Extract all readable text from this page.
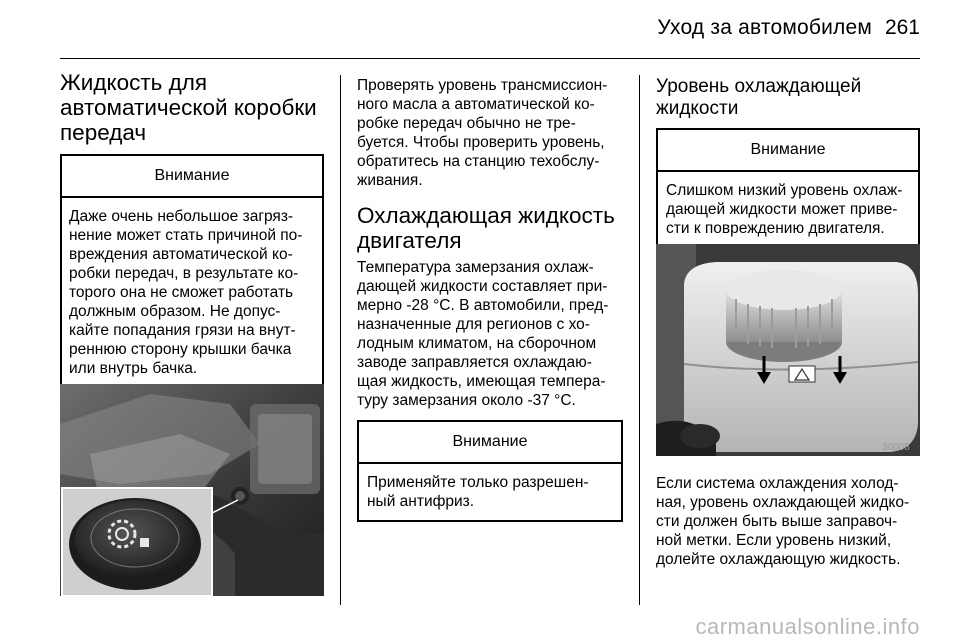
Уход за автомобилем 261
Жидкость для
автоматической коробки
передач
Внимание
Даже очень небольшое загряз-
нение может стать причиной по-
вреждения автоматической ко-
робки передач, в результате ко-
торого она не сможет работать
должным образом. Не допус-
кайте попадания грязи на внут-
реннюю сторону крышки бачка
или внутрь бачка.
Проверять уровень трансмиссион-
ного масла а автоматической ко-
робке передач обычно не тре-
буется. Чтобы проверить уровень,
обратитесь на станцию техобслу-
живания.
Охлаждающая жидкость
двигателя
Температура замерзания охлаж-
дающей жидкости составляет при-
мерно -28 °C. В автомобили, пред-
назначенные для регионов с хо-
лодным климатом, на сборочном
заводе заправляется охлаждаю-
щая жидкость, имеющая темпера-
туру замерзания около -37 °C.
Внимание
Применяйте только разрешен-
ный антифриз.
Уровень охлаждающей
жидкости
Внимание
Слишком низкий уровень охлаж-
дающей жидкости может приве-
сти к повреждению двигателя.
30008
Если система охлаждения холод-
ная, уровень охлаждающей жидко-
сти должен быть выше заправоч-
ной метки. Если уровень низкий,
долейте охлаждающую жидкость.
carmanualsonline.info
